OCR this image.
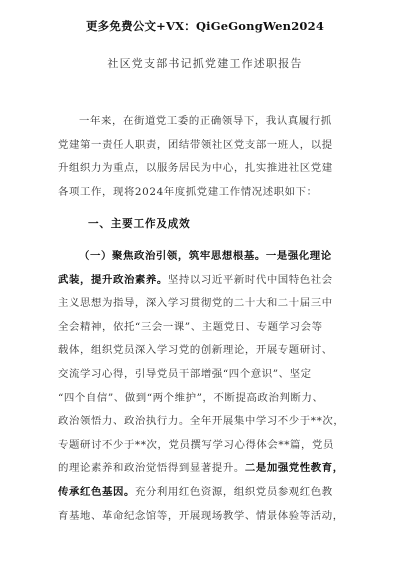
更多免费公文+VX：QiGeGongWen2024
社区党支部书记抓党建工作述职报告
一年来，在街道党工委的正确领导下，我认真履行抓
党建第一责任人职责，团结带领社区党支部一班人，以提
升组织力为重点，以服务居民为中心，扎实推进社区党建
各项工作，现将2024年度抓党建工作情况述职如下：
一、主要工作及成效
（一）聚焦政治引领，筑牢思想根基。一是强化理论
武装，提升政治素养。坚持以习近平新时代中国特色社会
主义思想为指导，深入学习贯彻党的二十大和二十届三中
全会精神，依托“三会一课”、主题党日、专题学习会等
载体，组织党员深入学习党的创新理论，开展专题研讨、
交流学习心得，引导党员干部增强“四个意识”、坚定
“四个自信”、做到“两个维护”，不断提高政治判断力、
政治领悟力、政治执行力。全年开展集中学习不少于**次，
专题研讨不少于**次，党员撰写学习心得体会**篇，党员
的理论素养和政治觉悟得到显著提升。二是加强党性教育，
传承红色基因。充分利用红色资源，组织党员参观红色教
育基地、革命纪念馆等，开展现场教学、情景体验等活动，
